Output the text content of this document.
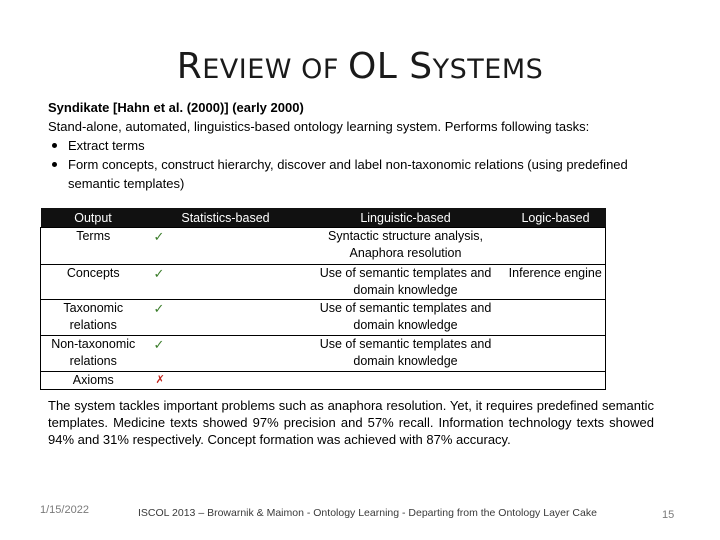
REVIEW OF OL SYSTEMS
Syndikate [Hahn et al. (2000)] (early 2000)
Stand-alone, automated, linguistics-based ontology learning system. Performs following tasks:
Extract terms
Form concepts, construct hierarchy, discover and label non-taxonomic relations (using predefined semantic templates)
Output	Statistics-based	Linguistic-based	Logic-based
Terms	✓	Syntactic structure analysis, Anaphora resolution	
Concepts	✓	Use of semantic templates and domain knowledge	Inference engine
Taxonomic relations	✓	Use of semantic templates and domain knowledge	
Non-taxonomic relations	✓	Use of semantic templates and domain knowledge	
Axioms	✗		
The system tackles important problems such as anaphora resolution. Yet, it requires predefined semantic templates. Medicine texts showed 97% precision and 57% recall. Information technology texts showed 94% and 31% respectively. Concept formation was achieved with 87% accuracy.
1/15/2022	ISCOL 2013 – Browarnik & Maimon - Ontology Learning - Departing from the Ontology Layer Cake	15
